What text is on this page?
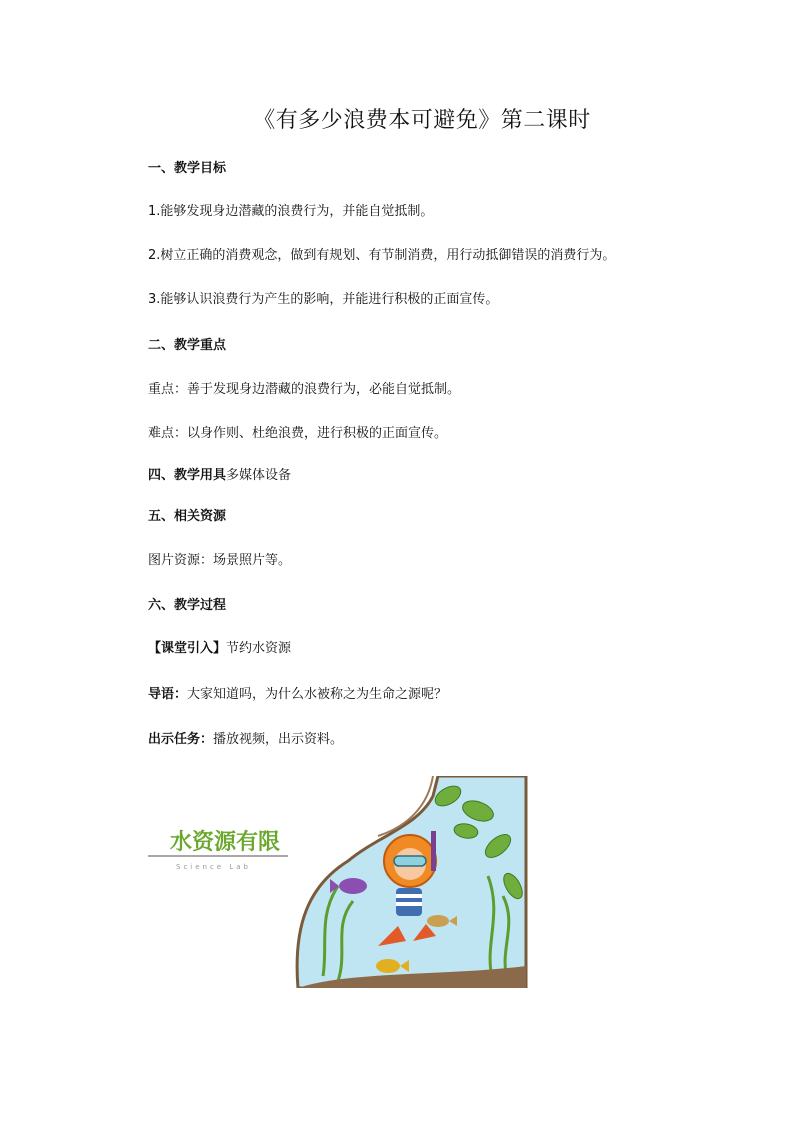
《有多少浪费本可避免》第二课时
一、教学目标
1.能够发现身边潜藏的浪费行为，并能自觉抵制。
2.树立正确的消费观念，做到有规划、有节制消费，用行动抵御错误的消费行为。
3.能够认识浪费行为产生的影响，并能进行积极的正面宣传。
二、教学重点
重点：善于发现身边潜藏的浪费行为，必能自觉抵制。
难点：以身作则、杜绝浪费，进行积极的正面宣传。
四、教学用具多媒体设备
五、相关资源
图片资源：场景照片等。
六、教学过程
【课堂引入】节约水资源
导语：大家知道吗，为什么水被称之为生命之源呢？
出示任务：播放视频，出示资料。
水资源有限
Science Lab
